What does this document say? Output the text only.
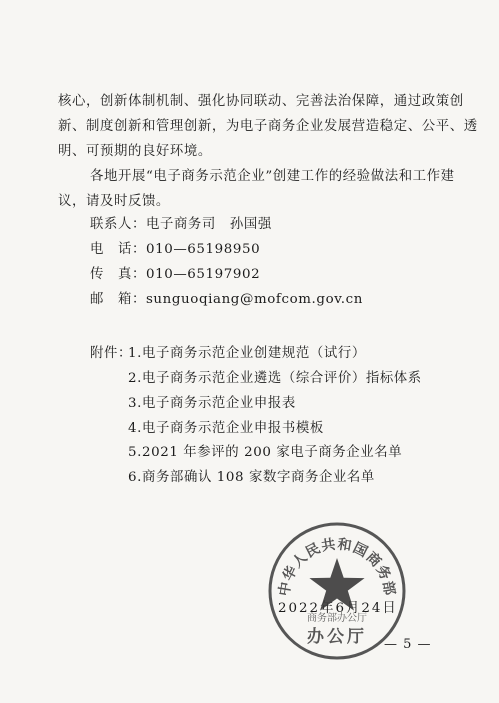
核心，创新体制机制、强化协同联动、完善法治保障，通过政策创
新、制度创新和管理创新，为电子商务企业发展营造稳定、公平、透
明、可预期的良好环境。
各地开展“电子商务示范企业”创建工作的经验做法和工作建
议，请及时反馈。
联系人：电子商务司　孙国强
电　话：010—65198950
传　真：010—65197902
邮　箱：sunguoqiang@mofcom.gov.cn
附件：
1.电子商务示范企业创建规范（试行）
2.电子商务示范企业遴选（综合评价）指标体系
3.电子商务示范企业申报表
4.电子商务示范企业申报书模板
5.2021 年参评的 200 家电子商务企业名单
6.商务部确认 108 家数字商务企业名单
2022年6月24日
中华人民共和国商务部
商务部办公厅
办公厅 — 5 —
